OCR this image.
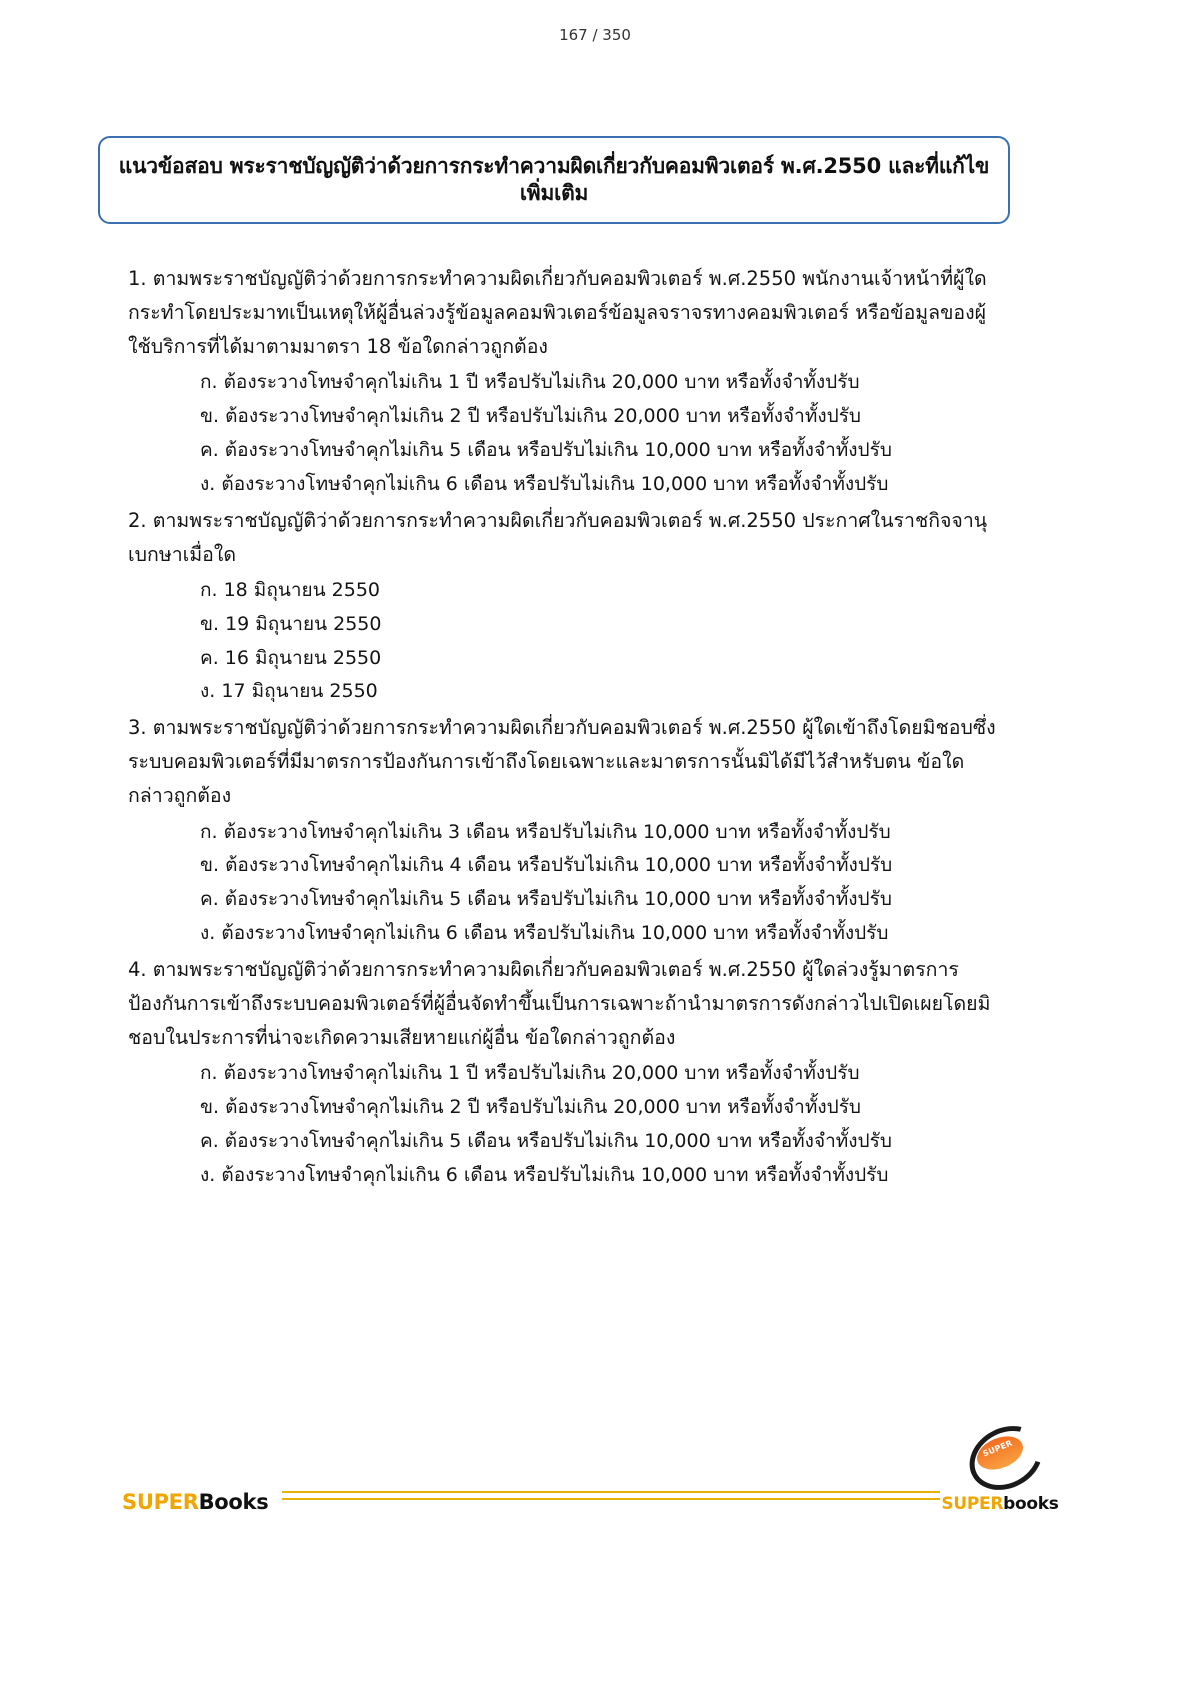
167 / 350
แนวข้อสอบ พระราชบัญญัติว่าด้วยการกระทำความผิดเกี่ยวกับคอมพิวเตอร์ พ.ศ.2550 และที่แก้ไขเพิ่มเติม

1. ตามพระราชบัญญัติว่าด้วยการกระทำความผิดเกี่ยวกับคอมพิวเตอร์ พ.ศ.2550 พนักงานเจ้าหน้าที่ผู้ใดกระทำโดยประมาทเป็นเหตุให้ผู้อื่นล่วงรู้ข้อมูลคอมพิวเตอร์ข้อมูลจราจรทางคอมพิวเตอร์ หรือข้อมูลของผู้ใช้บริการที่ได้มาตามมาตรา 18 ข้อใดกล่าวถูกต้อง

ก. ต้องระวางโทษจำคุกไม่เกิน 1 ปี หรือปรับไม่เกิน 20,000 บาท หรือทั้งจำทั้งปรับ
ข. ต้องระวางโทษจำคุกไม่เกิน 2 ปี หรือปรับไม่เกิน 20,000 บาท หรือทั้งจำทั้งปรับ
ค. ต้องระวางโทษจำคุกไม่เกิน 5 เดือน หรือปรับไม่เกิน 10,000 บาท หรือทั้งจำทั้งปรับ
ง. ต้องระวางโทษจำคุกไม่เกิน 6 เดือน หรือปรับไม่เกิน 10,000 บาท หรือทั้งจำทั้งปรับ

2. ตามพระราชบัญญัติว่าด้วยการกระทำความผิดเกี่ยวกับคอมพิวเตอร์ พ.ศ.2550 ประกาศในราชกิจจานุเบกษาเมื่อใด

ก. 18 มิถุนายน 2550
ข. 19 มิถุนายน 2550
ค. 16 มิถุนายน 2550
ง. 17 มิถุนายน 2550

3. ตามพระราชบัญญัติว่าด้วยการกระทำความผิดเกี่ยวกับคอมพิวเตอร์ พ.ศ.2550 ผู้ใดเข้าถึงโดยมิชอบซึ่งระบบคอมพิวเตอร์ที่มีมาตรการป้องกันการเข้าถึงโดยเฉพาะและมาตรการนั้นมิได้มีไว้สำหรับตน ข้อใดกล่าวถูกต้อง

ก. ต้องระวางโทษจำคุกไม่เกิน 3 เดือน หรือปรับไม่เกิน 10,000 บาท หรือทั้งจำทั้งปรับ
ข. ต้องระวางโทษจำคุกไม่เกิน 4 เดือน หรือปรับไม่เกิน 10,000 บาท หรือทั้งจำทั้งปรับ
ค. ต้องระวางโทษจำคุกไม่เกิน 5 เดือน หรือปรับไม่เกิน 10,000 บาท หรือทั้งจำทั้งปรับ
ง. ต้องระวางโทษจำคุกไม่เกิน 6 เดือน หรือปรับไม่เกิน 10,000 บาท หรือทั้งจำทั้งปรับ

4. ตามพระราชบัญญัติว่าด้วยการกระทำความผิดเกี่ยวกับคอมพิวเตอร์ พ.ศ.2550 ผู้ใดล่วงรู้มาตรการป้องกันการเข้าถึงระบบคอมพิวเตอร์ที่ผู้อื่นจัดทำขึ้นเป็นการเฉพาะถ้านำมาตรการดังกล่าวไปเปิดเผยโดยมิชอบในประการที่น่าจะเกิดความเสียหายแก่ผู้อื่น ข้อใดกล่าวถูกต้อง

ก. ต้องระวางโทษจำคุกไม่เกิน 1 ปี หรือปรับไม่เกิน 20,000 บาท หรือทั้งจำทั้งปรับ
ข. ต้องระวางโทษจำคุกไม่เกิน 2 ปี หรือปรับไม่เกิน 20,000 บาท หรือทั้งจำทั้งปรับ
ค. ต้องระวางโทษจำคุกไม่เกิน 5 เดือน หรือปรับไม่เกิน 10,000 บาท หรือทั้งจำทั้งปรับ
ง. ต้องระวางโทษจำคุกไม่เกิน 6 เดือน หรือปรับไม่เกิน 10,000 บาท หรือทั้งจำทั้งปรับ
SUPERBooks
SUPER
SUPERbooks
